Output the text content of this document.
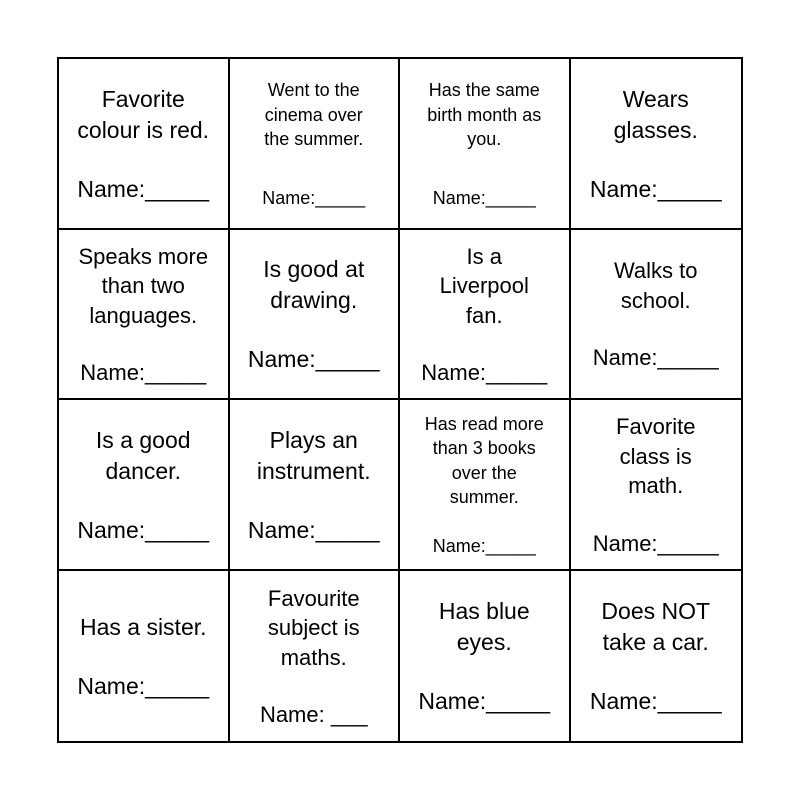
Favorite
colour is red.
Name:_____
Went to the
cinema over
the summer.
Name:_____
Has the same
birth month as
you.
Name:_____
Wears
glasses.
Name:_____
Speaks more
than two
languages.
Name:_____
Is good at
drawing.
Name:_____
Is a
Liverpool
fan.
Name:_____
Walks to
school.
Name:_____
Is a good
dancer.
Name:_____
Plays an
instrument.
Name:_____
Has read more
than 3 books
over the
summer.
Name:_____
Favorite
class is
math.
Name:_____
Has a sister.
Name:_____
Favourite
subject is
maths.
Name: ___
Has blue
eyes.
Name:_____
Does NOT
take a car.
Name:_____
